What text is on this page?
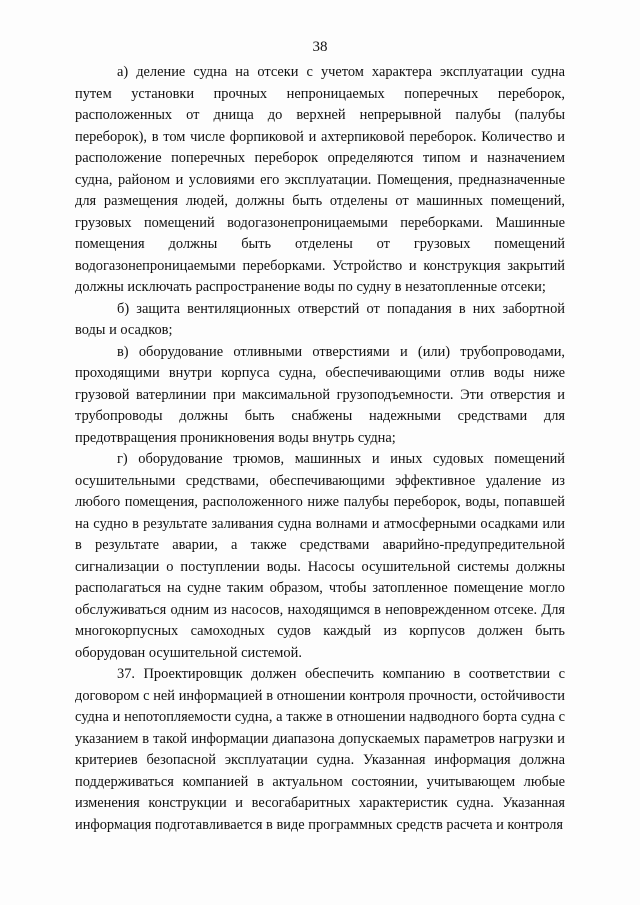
38

а) деление судна на отсеки с учетом характера эксплуатации судна путем установки прочных непроницаемых поперечных переборок, расположенных от днища до верхней непрерывной палубы (палубы переборок), в том числе форпиковой и ахтерпиковой переборок. Количество и расположение поперечных переборок определяются типом и назначением судна, районом и условиями его эксплуатации. Помещения, предназначенные для размещения людей, должны быть отделены от машинных помещений, грузовых помещений водогазонепроницаемыми переборками. Машинные помещения должны быть отделены от грузовых помещений водогазонепроницаемыми переборками. Устройство и конструкция закрытий должны исключать распространение воды по судну в незатопленные отсеки;

б) защита вентиляционных отверстий от попадания в них забортной воды и осадков;

в) оборудование отливными отверстиями и (или) трубопроводами, проходящими внутри корпуса судна, обеспечивающими отлив воды ниже грузовой ватерлинии при максимальной грузоподъемности. Эти отверстия и трубопроводы должны быть снабжены надежными средствами для предотвращения проникновения воды внутрь судна;

г) оборудование трюмов, машинных и иных судовых помещений осушительными средствами, обеспечивающими эффективное удаление из любого помещения, расположенного ниже палубы переборок, воды, попавшей на судно в результате заливания судна волнами и атмосферными осадками или в результате аварии, а также средствами аварийно-предупредительной сигнализации о поступлении воды. Насосы осушительной системы должны располагаться на судне таким образом, чтобы затопленное помещение могло обслуживаться одним из насосов, находящимся в неповрежденном отсеке. Для многокорпусных самоходных судов каждый из корпусов должен быть оборудован осушительной системой.

37. Проектировщик должен обеспечить компанию в соответствии с договором с ней информацией в отношении контроля прочности, остойчивости судна и непотопляемости судна, а также в отношении надводного борта судна с указанием в такой информации диапазона допускаемых параметров нагрузки и критериев безопасной эксплуатации судна. Указанная информация должна поддерживаться компанией в актуальном состоянии, учитывающем любые изменения конструкции и весогабаритных характеристик судна. Указанная информация подготавливается в виде программных средств расчета и контроля
